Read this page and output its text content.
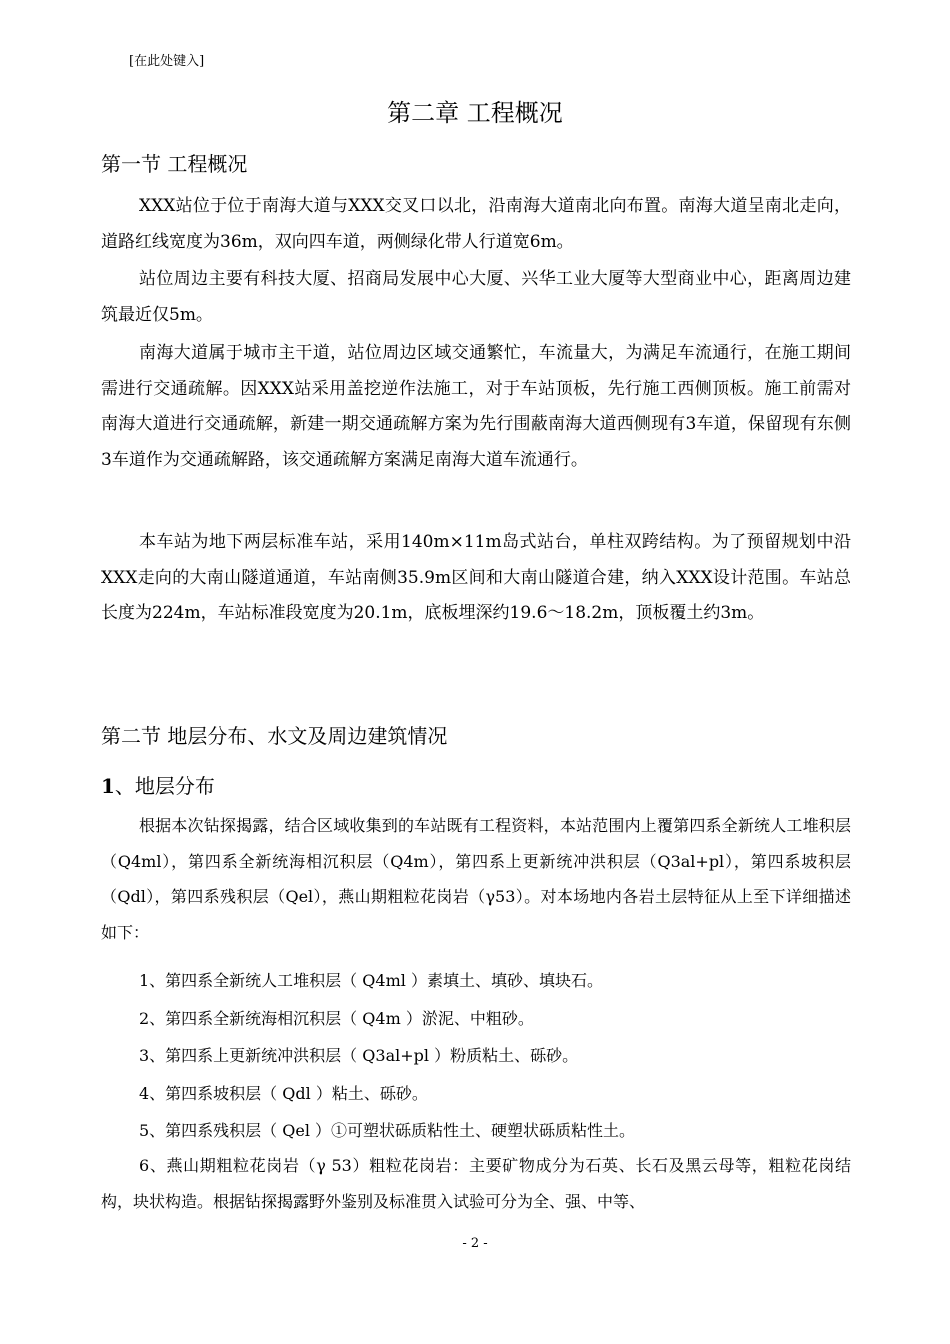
[在此处键入]
第二章 工程概况
第一节 工程概况
XXX站位于位于南海大道与XXX交叉口以北，沿南海大道南北向布置。南海大道呈南北走向，道路红线宽度为36m，双向四车道，两侧绿化带人行道宽6m。
站位周边主要有科技大厦、招商局发展中心大厦、兴华工业大厦等大型商业中心，距离周边建筑最近仅5m。
南海大道属于城市主干道，站位周边区域交通繁忙，车流量大，为满足车流通行，在施工期间需进行交通疏解。因XXX站采用盖挖逆作法施工，对于车站顶板，先行施工西侧顶板。施工前需对南海大道进行交通疏解，新建一期交通疏解方案为先行围蔽南海大道西侧现有3车道，保留现有东侧3车道作为交通疏解路，该交通疏解方案满足南海大道车流通行。
本车站为地下两层标准车站，采用140m×11m岛式站台，单柱双跨结构。为了预留规划中沿XXX走向的大南山隧道通道，车站南侧35.9m区间和大南山隧道合建，纳入XXX设计范围。车站总长度为224m，车站标准段宽度为20.1m，底板埋深约19.6～18.2m，顶板覆土约3m。
第二节 地层分布、水文及周边建筑情况
1、地层分布
根据本次钻探揭露，结合区域收集到的车站既有工程资料，本站范围内上覆第四系全新统人工堆积层（Q4ml），第四系全新统海相沉积层（Q4m），第四系上更新统冲洪积层（Q3al+pl），第四系坡积层（Qdl），第四系残积层（Qel），燕山期粗粒花岗岩（γ53）。对本场地内各岩土层特征从上至下详细描述如下：
1、第四系全新统人工堆积层（ Q4ml ）素填土、填砂、填块石。
2、第四系全新统海相沉积层（ Q4m ）淤泥、中粗砂。
3、第四系上更新统冲洪积层（ Q3al+pl ）粉质粘土、砾砂。
4、第四系坡积层（ Qdl ）粘土、砾砂。
5、第四系残积层（ Qel ）①可塑状砾质粘性土、硬塑状砾质粘性土。
6、燕山期粗粒花岗岩（γ 53）粗粒花岗岩：主要矿物成分为石英、长石及黑云母等，粗粒花岗结构，块状构造。根据钻探揭露野外鉴别及标准贯入试验可分为全、强、中等、
- 2 -
